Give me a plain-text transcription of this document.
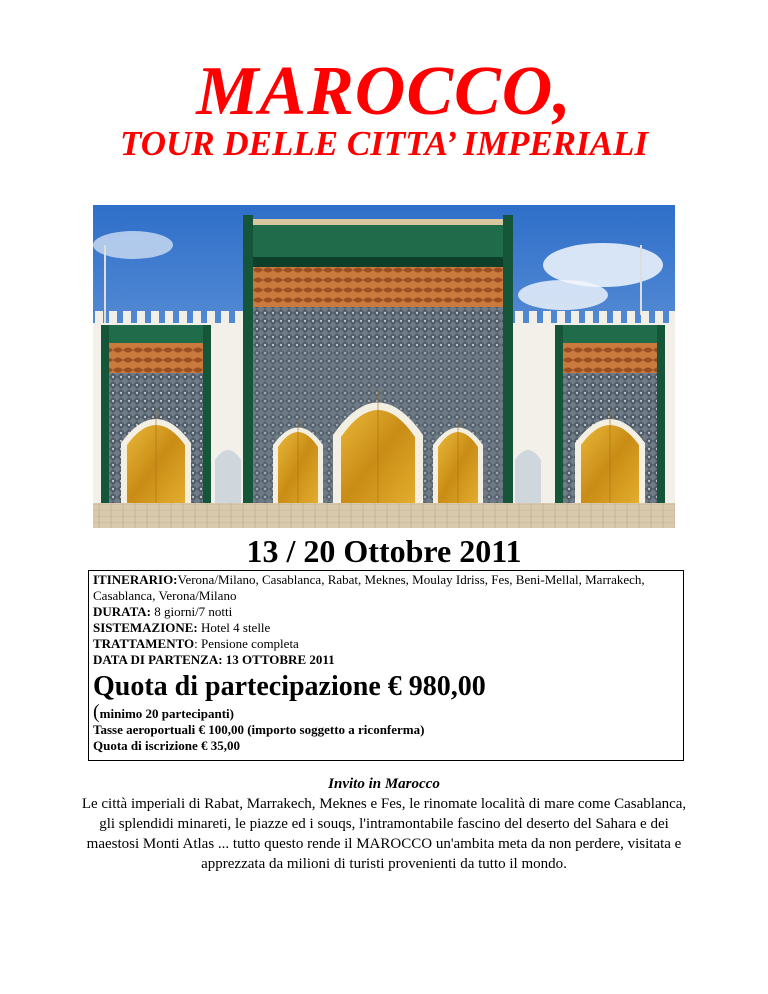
MAROCCO,
TOUR DELLE CITTA’ IMPERIALI
13 / 20 Ottobre 2011
ITINERARIO:Verona/Milano, Casablanca, Rabat, Meknes, Moulay Idriss, Fes, Beni-Mellal, Marrakech, Casablanca, Verona/Milano
DURATA: 8 giorni/7 notti
SISTEMAZIONE: Hotel 4 stelle
TRATTAMENTO: Pensione completa
DATA DI PARTENZA: 13 OTTOBRE 2011
Quota di partecipazione € 980,00
(minimo 20 partecipanti)
Tasse aeroportuali € 100,00 (importo soggetto a riconferma)
Quota di iscrizione € 35,00
Invito in Marocco
Le città imperiali di Rabat, Marrakech, Meknes e Fes, le rinomate località di mare come Casablanca, gli splendidi minareti, le piazze ed i souqs, l'intramontabile fascino del deserto del Sahara e dei maestosi Monti Atlas ... tutto questo rende il MAROCCO un'ambita meta da non perdere, visitata e apprezzata da milioni di turisti provenienti da tutto il mondo.
